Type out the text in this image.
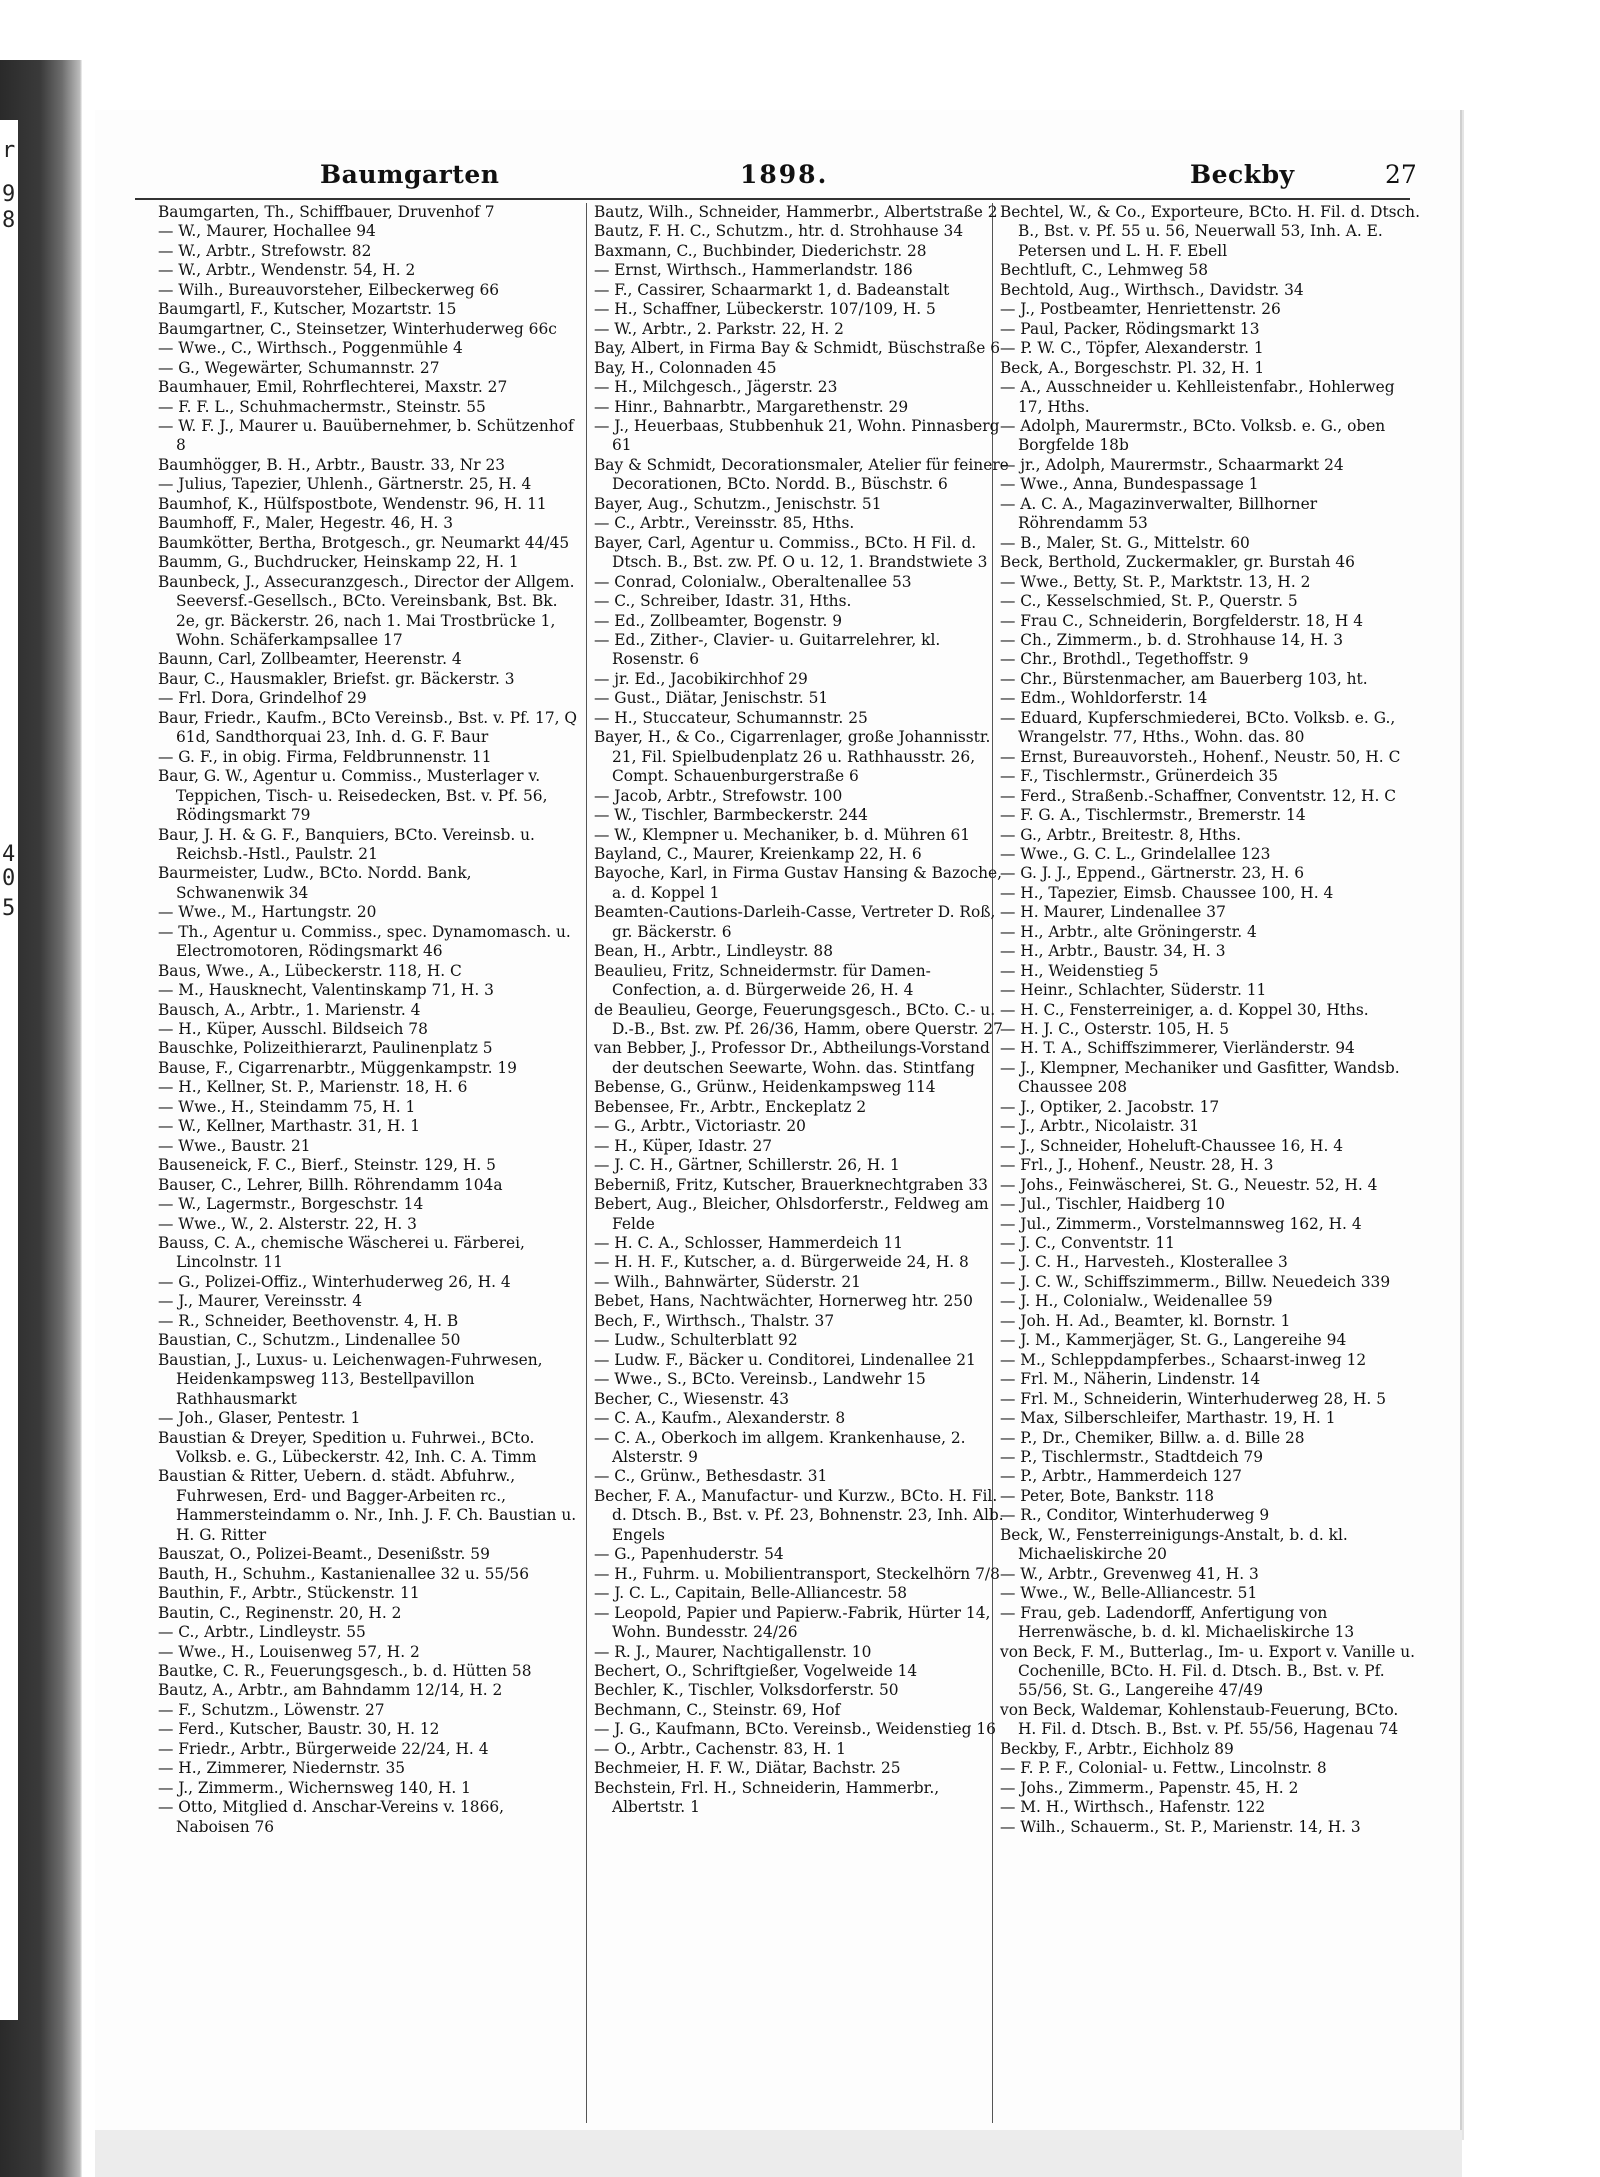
r
9
8
4
0
5
Baumgarten	1898.	Beckby	27

Baumgarten, Th., Schiffbauer, Druvenhof 7

— W., Maurer, Hochallee 94

— W., Arbtr., Strefowstr. 82

— W., Arbtr., Wendenstr. 54, H. 2

— Wilh., Bureauvorsteher, Eilbeckerweg 66

Baumgartl, F., Kutscher, Mozartstr. 15

Baumgartner, C., Steinsetzer, Winterhuderweg 66c

— Wwe., C., Wirthsch., Poggenmühle 4

— G., Wegewärter, Schumannstr. 27

Baumhauer, Emil, Rohrflechterei, Maxstr. 27

— F. F. L., Schuhmachermstr., Steinstr. 55

— W. F. J., Maurer u. Bauübernehmer, b. Schützenhof 8

Baumhögger, B. H., Arbtr., Baustr. 33, Nr 23

— Julius, Tapezier, Uhlenh., Gärtnerstr. 25, H. 4

Baumhof, K., Hülfspostbote, Wendenstr. 96, H. 11

Baumhoff, F., Maler, Hegestr. 46, H. 3

Baumkötter, Bertha, Brotgesch., gr. Neumarkt 44/45

Baumm, G., Buchdrucker, Heinskamp 22, H. 1

Baunbeck, J., Assecuranzgesch., Director der Allgem. Seeversf.-Gesellsch., BCto. Vereinsbank, Bst. Bk. 2e, gr. Bäckerstr. 26, nach 1. Mai Trostbrücke 1, Wohn. Schäferkampsallee 17

Baunn, Carl, Zollbeamter, Heerenstr. 4

Baur, C., Hausmakler, Briefst. gr. Bäckerstr. 3

— Frl. Dora, Grindelhof 29

Baur, Friedr., Kaufm., BCto Vereinsb., Bst. v. Pf. 17, Q 61d, Sandthorquai 23, Inh. d. G. F. Baur

— G. F., in obig. Firma, Feldbrunnenstr. 11

Baur, G. W., Agentur u. Commiss., Musterlager v. Teppichen, Tisch- u. Reisedecken, Bst. v. Pf. 56, Rödingsmarkt 79

Baur, J. H. & G. F., Banquiers, BCto. Vereinsb. u. Reichsb.-Hstl., Paulstr. 21

Baurmeister, Ludw., BCto. Nordd. Bank, Schwanenwik 34

— Wwe., M., Hartungstr. 20

— Th., Agentur u. Commiss., spec. Dynamomasch. u. Electromotoren, Rödingsmarkt 46

Baus, Wwe., A., Lübeckerstr. 118, H. C

— M., Hausknecht, Valentinskamp 71, H. 3

Bausch, A., Arbtr., 1. Marienstr. 4

— H., Küper, Ausschl. Bildseich 78

Bauschke, Polizeithierarzt, Paulinenplatz 5

Bause, F., Cigarrenarbtr., Müggenkampstr. 19

— H., Kellner, St. P., Marienstr. 18, H. 6

— Wwe., H., Steindamm 75, H. 1

— W., Kellner, Marthastr. 31, H. 1

— Wwe., Baustr. 21

Bauseneick, F. C., Bierf., Steinstr. 129, H. 5

Bauser, C., Lehrer, Billh. Röhrendamm 104a

— W., Lagermstr., Borgeschstr. 14

— Wwe., W., 2. Alsterstr. 22, H. 3

Bauss, C. A., chemische Wäscherei u. Färberei, Lincolnstr. 11

— G., Polizei-Offiz., Winterhuderweg 26, H. 4

— J., Maurer, Vereinsstr. 4

— R., Schneider, Beethovenstr. 4, H. B

Baustian, C., Schutzm., Lindenallee 50

Baustian, J., Luxus- u. Leichenwagen-Fuhrwesen, Heidenkampsweg 113, Bestellpavillon Rathhausmarkt

— Joh., Glaser, Pentestr. 1

Baustian & Dreyer, Spedition u. Fuhrwei., BCto. Volksb. e. G., Lübeckerstr. 42, Inh. C. A. Timm

Baustian & Ritter, Uebern. d. städt. Abfuhrw., Fuhrwesen, Erd- und Bagger-Arbeiten rc., Hammersteindamm o. Nr., Inh. J. F. Ch. Baustian u. H. G. Ritter

Bauszat, O., Polizei-Beamt., Desenißstr. 59

Bauth, H., Schuhm., Kastanienallee 32 u. 55/56

Bauthin, F., Arbtr., Stückenstr. 11

Bautin, C., Reginenstr. 20, H. 2

— C., Arbtr., Lindleystr. 55

— Wwe., H., Louisenweg 57, H. 2

Bautke, C. R., Feuerungsgesch., b. d. Hütten 58

Bautz, A., Arbtr., am Bahndamm 12/14, H. 2

— F., Schutzm., Löwenstr. 27

— Ferd., Kutscher, Baustr. 30, H. 12

— Friedr., Arbtr., Bürgerweide 22/24, H. 4

— H., Zimmerer, Niedernstr. 35

— J., Zimmerm., Wichernsweg 140, H. 1

— Otto, Mitglied d. Anschar-Vereins v. 1866, Naboisen 76

Bautz, Wilh., Schneider, Hammerbr., Albertstraße 2

Bautz, F. H. C., Schutzm., htr. d. Strohhause 34

Baxmann, C., Buchbinder, Diederichstr. 28

— Ernst, Wirthsch., Hammerlandstr. 186

— F., Cassirer, Schaarmarkt 1, d. Badeanstalt

— H., Schaffner, Lübeckerstr. 107/109, H. 5

— W., Arbtr., 2. Parkstr. 22, H. 2

Bay, Albert, in Firma Bay & Schmidt, Büschstraße 6

Bay, H., Colonnaden 45

— H., Milchgesch., Jägerstr. 23

— Hinr., Bahnarbtr., Margarethenstr. 29

— J., Heuerbaas, Stubbenhuk 21, Wohn. Pinnasberg 61

Bay & Schmidt, Decorationsmaler, Atelier für feinere Decorationen, BCto. Nordd. B., Büschstr. 6

Bayer, Aug., Schutzm., Jenischstr. 51

— C., Arbtr., Vereinsstr. 85, Hths.

Bayer, Carl, Agentur u. Commiss., BCto. H Fil. d. Dtsch. B., Bst. zw. Pf. O u. 12, 1. Brandstwiete 3

— Conrad, Colonialw., Oberaltenallee 53

— C., Schreiber, Idastr. 31, Hths.

— Ed., Zollbeamter, Bogenstr. 9

— Ed., Zither-, Clavier- u. Guitarrelehrer, kl. Rosenstr. 6

— jr. Ed., Jacobikirchhof 29

— Gust., Diätar, Jenischstr. 51

— H., Stuccateur, Schumannstr. 25

Bayer, H., & Co., Cigarrenlager, große Johannisstr. 21, Fil. Spielbudenplatz 26 u. Rathhausstr. 26, Compt. Schauenburgerstraße 6

— Jacob, Arbtr., Strefowstr. 100

— W., Tischler, Barmbeckerstr. 244

— W., Klempner u. Mechaniker, b. d. Mühren 61

Bayland, C., Maurer, Kreienkamp 22, H. 6

Bayoche, Karl, in Firma Gustav Hansing & Bazoche, a. d. Koppel 1

Beamten-Cautions-Darleih-Casse, Vertreter D. Roß, gr. Bäckerstr. 6

Bean, H., Arbtr., Lindleystr. 88

Beaulieu, Fritz, Schneidermstr. für Damen-Confection, a. d. Bürgerweide 26, H. 4

de Beaulieu, George, Feuerungsgesch., BCto. C.- u. D.-B., Bst. zw. Pf. 26/36, Hamm, obere Querstr. 27

van Bebber, J., Professor Dr., Abtheilungs-Vorstand der deutschen Seewarte, Wohn. das. Stintfang

Bebense, G., Grünw., Heidenkampsweg 114

Bebensee, Fr., Arbtr., Enckeplatz 2

— G., Arbtr., Victoriastr. 20

— H., Küper, Idastr. 27

— J. C. H., Gärtner, Schillerstr. 26, H. 1

Beberniß, Fritz, Kutscher, Brauerknechtgraben 33

Bebert, Aug., Bleicher, Ohlsdorferstr., Feldweg am Felde

— H. C. A., Schlosser, Hammerdeich 11

— H. H. F., Kutscher, a. d. Bürgerweide 24, H. 8

— Wilh., Bahnwärter, Süderstr. 21

Bebet, Hans, Nachtwächter, Hornerweg htr. 250

Bech, F., Wirthsch., Thalstr. 37

— Ludw., Schulterblatt 92

— Ludw. F., Bäcker u. Conditorei, Lindenallee 21

— Wwe., S., BCto. Vereinsb., Landwehr 15

Becher, C., Wiesenstr. 43

— C. A., Kaufm., Alexanderstr. 8

— C. A., Oberkoch im allgem. Krankenhause, 2. Alsterstr. 9

— C., Grünw., Bethesdastr. 31

Becher, F. A., Manufactur- und Kurzw., BCto. H. Fil. d. Dtsch. B., Bst. v. Pf. 23, Bohnenstr. 23, Inh. Alb. Engels

— G., Papenhuderstr. 54

— H., Fuhrm. u. Mobilientransport, Steckelhörn 7/8

— J. C. L., Capitain, Belle-Alliancestr. 58

— Leopold, Papier und Papierw.-Fabrik, Hürter 14, Wohn. Bundesstr. 24/26

— R. J., Maurer, Nachtigallenstr. 10

Bechert, O., Schriftgießer, Vogelweide 14

Bechler, K., Tischler, Volksdorferstr. 50

Bechmann, C., Steinstr. 69, Hof

— J. G., Kaufmann, BCto. Vereinsb., Weidenstieg 16

— O., Arbtr., Cachenstr. 83, H. 1

Bechmeier, H. F. W., Diätar, Bachstr. 25

Bechstein, Frl. H., Schneiderin, Hammerbr., Albertstr. 1

Bechtel, W., & Co., Exporteure, BCto. H. Fil. d. Dtsch. B., Bst. v. Pf. 55 u. 56, Neuerwall 53, Inh. A. E. Petersen und L. H. F. Ebell

Bechtluft, C., Lehmweg 58

Bechtold, Aug., Wirthsch., Davidstr. 34

— J., Postbeamter, Henriettenstr. 26

— Paul, Packer, Rödingsmarkt 13

— P. W. C., Töpfer, Alexanderstr. 1

Beck, A., Borgeschstr. Pl. 32, H. 1

— A., Ausschneider u. Kehlleistenfabr., Hohlerweg 17, Hths.

— Adolph, Maurermstr., BCto. Volksb. e. G., oben Borgfelde 18b

— jr., Adolph, Maurermstr., Schaarmarkt 24

— Wwe., Anna, Bundespassage 1

— A. C. A., Magazinverwalter, Billhorner Röhrendamm 53

— B., Maler, St. G., Mittelstr. 60

Beck, Berthold, Zuckermakler, gr. Burstah 46

— Wwe., Betty, St. P., Marktstr. 13, H. 2

— C., Kesselschmied, St. P., Querstr. 5

— Frau C., Schneiderin, Borgfelderstr. 18, H 4

— Ch., Zimmerm., b. d. Strohhause 14, H. 3

— Chr., Brothdl., Tegethoffstr. 9

— Chr., Bürstenmacher, am Bauerberg 103, ht.

— Edm., Wohldorferstr. 14

— Eduard, Kupferschmiederei, BCto. Volksb. e. G., Wrangelstr. 77, Hths., Wohn. das. 80

— Ernst, Bureauvorsteh., Hohenf., Neustr. 50, H. C

— F., Tischlermstr., Grünerdeich 35

— Ferd., Straßenb.-Schaffner, Conventstr. 12, H. C

— F. G. A., Tischlermstr., Bremerstr. 14

— G., Arbtr., Breitestr. 8, Hths.

— Wwe., G. C. L., Grindelallee 123

— G. J. J., Eppend., Gärtnerstr. 23, H. 6

— H., Tapezier, Eimsb. Chaussee 100, H. 4

— H. Maurer, Lindenallee 37

— H., Arbtr., alte Gröningerstr. 4

— H., Arbtr., Baustr. 34, H. 3

— H., Weidenstieg 5

— Heinr., Schlachter, Süderstr. 11

— H. C., Fensterreiniger, a. d. Koppel 30, Hths.

— H. J. C., Osterstr. 105, H. 5

— H. T. A., Schiffszimmerer, Vierländerstr. 94

— J., Klempner, Mechaniker und Gasfitter, Wandsb. Chaussee 208

— J., Optiker, 2. Jacobstr. 17

— J., Arbtr., Nicolaistr. 31

— J., Schneider, Hoheluft-Chaussee 16, H. 4

— Frl., J., Hohenf., Neustr. 28, H. 3

— Johs., Feinwäscherei, St. G., Neuestr. 52, H. 4

— Jul., Tischler, Haidberg 10

— Jul., Zimmerm., Vorstelmannsweg 162, H. 4

— J. C., Conventstr. 11

— J. C. H., Harvesteh., Klosterallee 3

— J. C. W., Schiffszimmerm., Billw. Neuedeich 339

— J. H., Colonialw., Weidenallee 59

— Joh. H. Ad., Beamter, kl. Bornstr. 1

— J. M., Kammerjäger, St. G., Langereihe 94

— M., Schleppdampferbes., Schaarst-inweg 12

— Frl. M., Näherin, Lindenstr. 14

— Frl. M., Schneiderin, Winterhuderweg 28, H. 5

— Max, Silberschleifer, Marthastr. 19, H. 1

— P., Dr., Chemiker, Billw. a. d. Bille 28

— P., Tischlermstr., Stadtdeich 79

— P., Arbtr., Hammerdeich 127

— Peter, Bote, Bankstr. 118

— R., Conditor, Winterhuderweg 9

Beck, W., Fensterreinigungs-Anstalt, b. d. kl. Michaeliskirche 20

— W., Arbtr., Grevenweg 41, H. 3

— Wwe., W., Belle-Alliancestr. 51

— Frau, geb. Ladendorff, Anfertigung von Herrenwäsche, b. d. kl. Michaeliskirche 13

von Beck, F. M., Butterlag., Im- u. Export v. Vanille u. Cochenille, BCto. H. Fil. d. Dtsch. B., Bst. v. Pf. 55/56, St. G., Langereihe 47/49

von Beck, Waldemar, Kohlenstaub-Feuerung, BCto. H. Fil. d. Dtsch. B., Bst. v. Pf. 55/56, Hagenau 74

Beckby, F., Arbtr., Eichholz 89

— F. P. F., Colonial- u. Fettw., Lincolnstr. 8

— Johs., Zimmerm., Papenstr. 45, H. 2

— M. H., Wirthsch., Hafenstr. 122

— Wilh., Schauerm., St. P., Marienstr. 14, H. 3
